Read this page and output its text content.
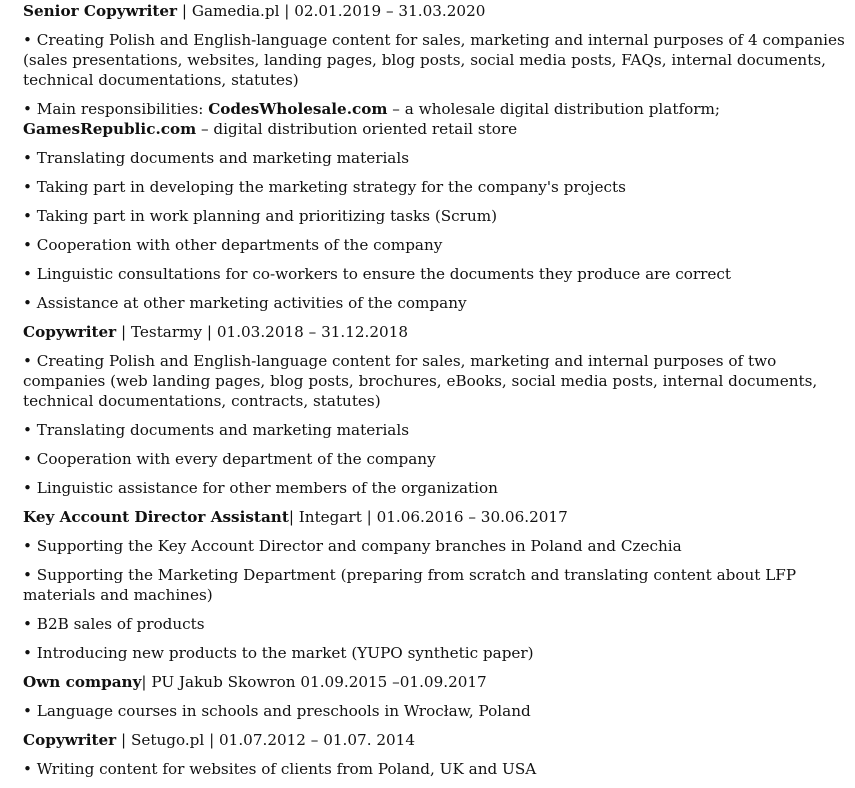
Senior Copywriter | Gamedia.pl | 02.01.2019 – 31.03.2020
• Creating Polish and English-language content for sales, marketing and internal purposes of 4 companies (sales presentations, websites, landing pages, blog posts, social media posts, FAQs, internal documents, technical documentations, statutes)
• Main responsibilities: CodesWholesale.com – a wholesale digital distribution platform; GamesRepublic.com – digital distribution oriented retail store
• Translating documents and marketing materials
• Taking part in developing the marketing strategy for the company's projects
• Taking part in work planning and prioritizing tasks (Scrum)
• Cooperation with other departments of the company
• Linguistic consultations for co-workers to ensure the documents they produce are correct
• Assistance at other marketing activities of the company
Copywriter | Testarmy | 01.03.2018 – 31.12.2018
• Creating Polish and English-language content for sales, marketing and internal purposes of two companies (web landing pages, blog posts, brochures, eBooks, social media posts, internal documents, technical documentations, contracts, statutes)
• Translating documents and marketing materials
• Cooperation with every department of the company
• Linguistic assistance for other members of the organization
Key Account Director Assistant| Integart | 01.06.2016 – 30.06.2017
• Supporting the Key Account Director and company branches in Poland and Czechia
• Supporting the Marketing Department (preparing from scratch and translating content about LFP materials and machines)
• B2B sales of products
• Introducing new products to the market (YUPO synthetic paper)
Own company| PU Jakub Skowron 01.09.2015 –01.09.2017
• Language courses in schools and preschools in Wrocław, Poland
Copywriter | Setugo.pl | 01.07.2012 – 01.07. 2014
• Writing content for websites of clients from Poland, UK and USA
